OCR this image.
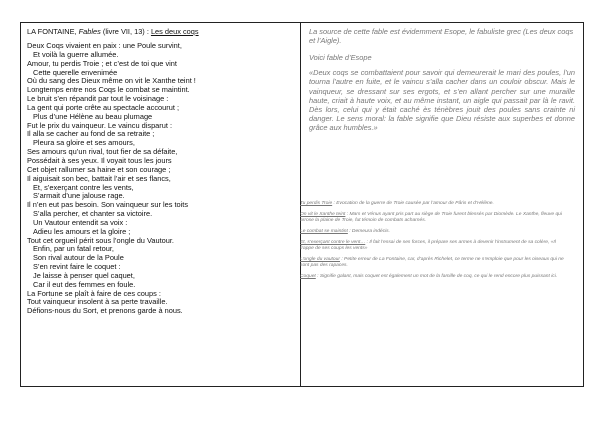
LA FONTAINE, Fables (livre VII, 13) : Les deux coqs
Deux Coqs vivaient en paix : une Poule survint,
Et voilà la guerre allumée.
Amour, tu perdis Troie ; et c’est de toi que vint
Cette querelle envenimée
Où du sang des Dieux même on vit le Xanthe teint !
Longtemps entre nos Coqs le combat se maintint.
Le bruit s’en répandit par tout le voisinage :
La gent qui porte crête au spectacle accourut ;
Plus d’une Hélène au beau plumage
Fut le prix du vainqueur. Le vaincu disparut :
Il alla se cacher au fond de sa retraite ;
Pleura sa gloire et ses amours,
Ses amours qu’un rival, tout fier de sa défaite,
Possédait à ses yeux. Il voyait tous les jours
Cet objet rallumer sa haine et son courage ;
Il aiguisait son bec, battait l’air et ses flancs,
Et, s’exerçant contre les vents,
S’armait d’une jalouse rage.
Il n’en eut pas besoin. Son vainqueur sur les toits
S’alla percher, et chanter sa victoire.
Un Vautour entendit sa voix :
Adieu les amours et la gloire ;
Tout cet orgueil périt sous l’ongle du Vautour.
Enfin, par un fatal retour,
Son rival autour de la Poule
S’en revint faire le coquet :
Je laisse à penser quel caquet,
Car il eut des femmes en foule.
La Fortune se plaît à faire de ces coups :
Tout vainqueur insolent à sa perte travaille.
Défions-nous du Sort, et prenons garde à nous.

La source de cette fable est évidemment Esope, le fabuliste grec (Les deux coqs et l’Aigle).

Voici fable d’Esope

«Deux coqs se combattaient pour savoir qui demeurerait le mari des poules, l’un tourna l’autre en fuite, et le vaincu s’alla cacher dans un couloir obscur. Mais le vainqueur, se dressant sur ses ergots, et s’en allant percher sur une muraille haute, criait à haute voix, et au même instant, un aigle qui passait par là le ravit. Dès lors, celui qui y était caché ès ténèbres jouit des poules sans crainte ni danger. Le sens moral: la fable signifie que Dieu résiste aux superbes et donne grâce aux humbles.»

Tu perdis Troie : Evocation de la guerre de Troie causée par l’amour de Pâris et d’Hélène.

On vit le Xanthe teint : Mars et Vénus ayant pris part au siège de Troie furent blessés par Diomède. Le Xanthe, fleuve qui arrose la plaine de Troie, fut témoin de combats acharnés.

Le combat se maintint : Demeura indécis.

Et, s’exerçant contre le vent… : Il fait l’essai de ses forces, il prépare ses armes à devenir l’instrument de sa colère, «Il frappe de ses coups les vents»

L’ongle du vautour : Petite erreur de La Fontaine, car, d’après Richelet, ce terme ne s’emploie que pour les oiseaux qui ne sont pas des rapaces.

Coquet : Signifie galant, mais coquet est également un mot de la famille de coq, ce qui le rend encore plus puissant ici.
